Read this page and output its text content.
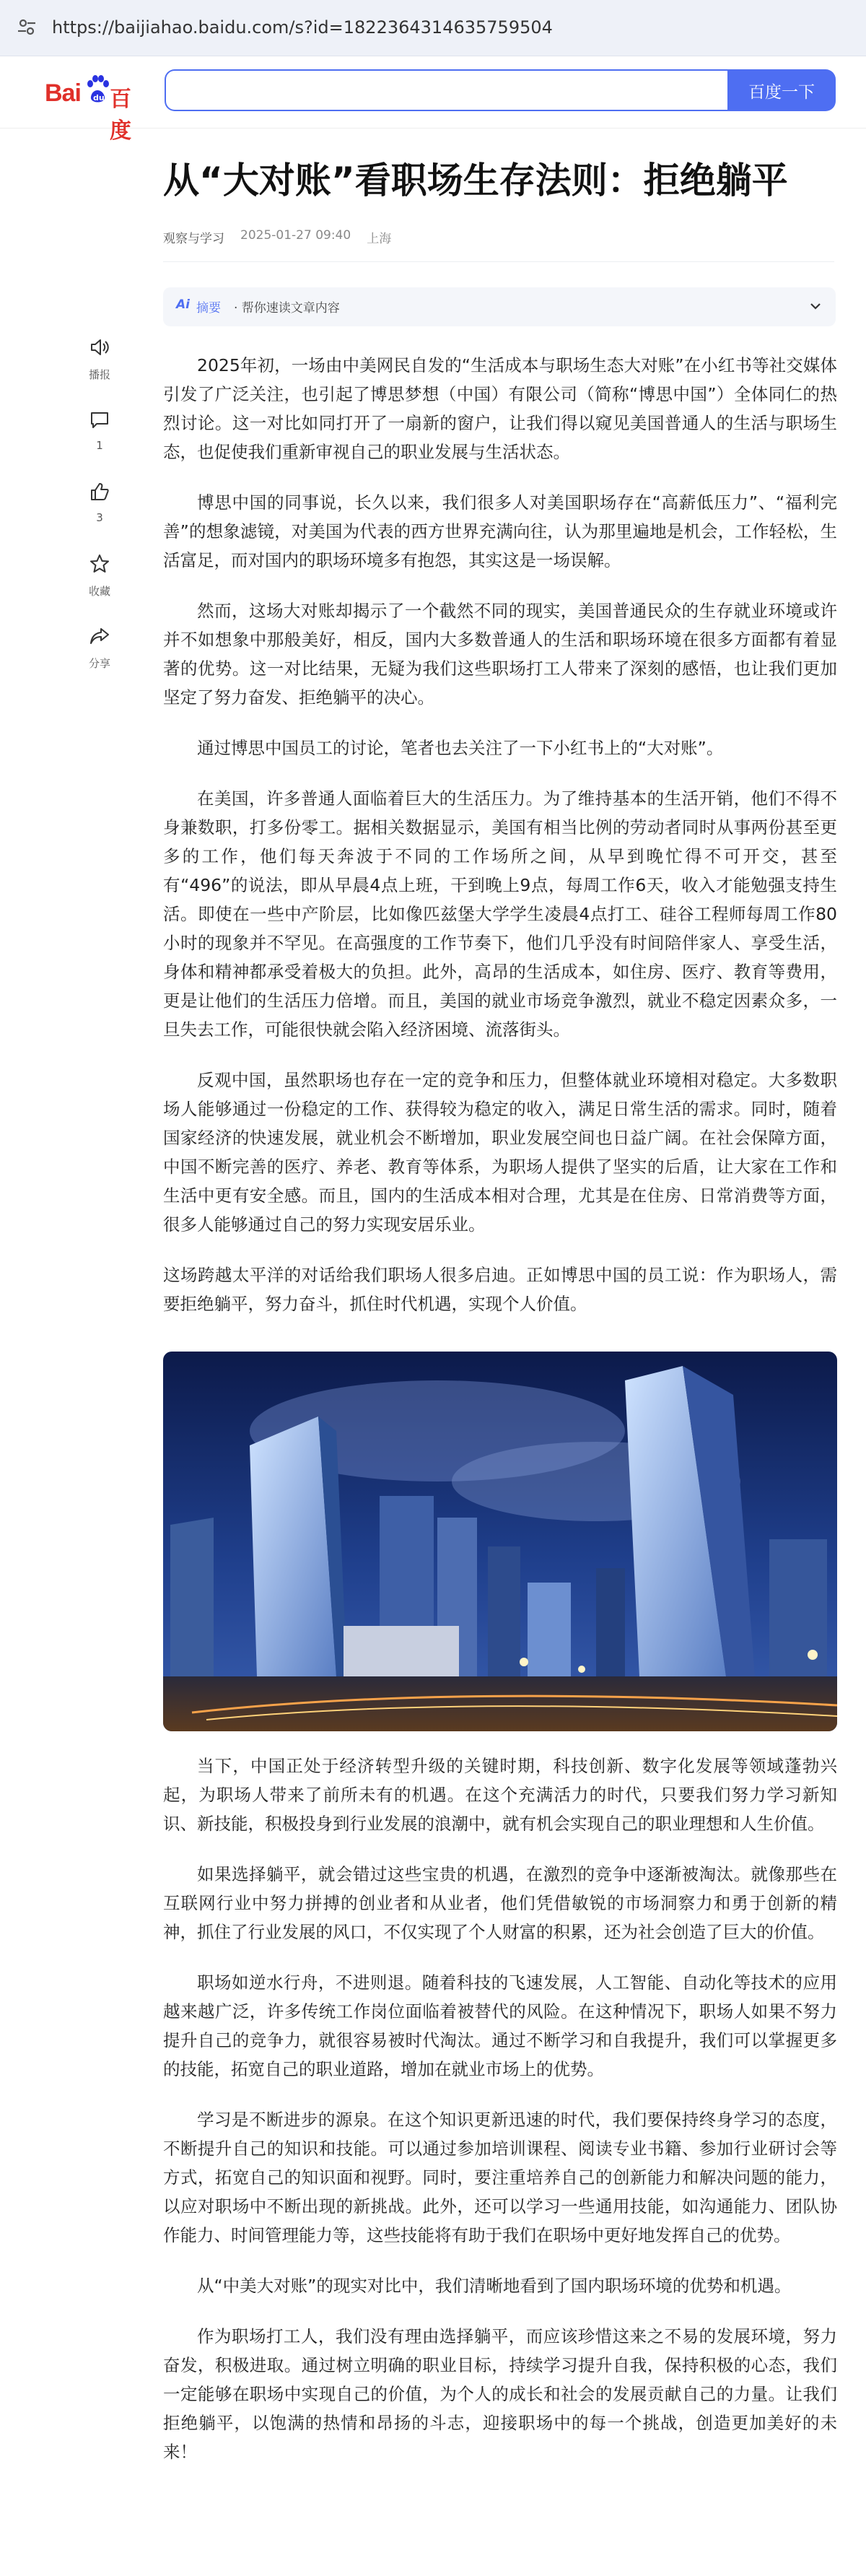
https://baijiahao.baidu.com/s?id=1822364314635759504
Bai du 百度
百度一下
从“大对账”看职场生存法则：拒绝躺平
观察与学习 2025-01-27 09:40 上海
Ai 摘要 · 帮你速读文章内容
播报
1
3
收藏
分享

2025年初，一场由中美网民自发的“生活成本与职场生态大对账”在小红书等社交媒体引发了广泛关注，也引起了博思梦想（中国）有限公司（简称“博思中国”）全体同仁的热烈讨论。这一对比如同打开了一扇新的窗户，让我们得以窥见美国普通人的生活与职场生态，也促使我们重新审视自己的职业发展与生活状态。

博思中国的同事说，长久以来，我们很多人对美国职场存在“高薪低压力”、“福利完善”的想象滤镜，对美国为代表的西方世界充满向往，认为那里遍地是机会，工作轻松，生活富足，而对国内的职场环境多有抱怨，其实这是一场误解。

然而，这场大对账却揭示了一个截然不同的现实，美国普通民众的生存就业环境或许并不如想象中那般美好，相反，国内大多数普通人的生活和职场环境在很多方面都有着显著的优势。这一对比结果，无疑为我们这些职场打工人带来了深刻的感悟，也让我们更加坚定了努力奋发、拒绝躺平的决心。

通过博思中国员工的讨论，笔者也去关注了一下小红书上的“大对账”。

在美国，许多普通人面临着巨大的生活压力。为了维持基本的生活开销，他们不得不身兼数职，打多份零工。据相关数据显示，美国有相当比例的劳动者同时从事两份甚至更多的工作，他们每天奔波于不同的工作场所之间，从早到晚忙得不可开交，甚至有“496”的说法，即从早晨4点上班，干到晚上9点，每周工作6天，收入才能勉强支持生活。即使在一些中产阶层，比如像匹兹堡大学学生凌晨4点打工、硅谷工程师每周工作80小时的现象并不罕见。在高强度的工作节奏下，他们几乎没有时间陪伴家人、享受生活，身体和精神都承受着极大的负担。此外，高昂的生活成本，如住房、医疗、教育等费用，更是让他们的生活压力倍增。而且，美国的就业市场竞争激烈，就业不稳定因素众多，一旦失去工作，可能很快就会陷入经济困境、流落街头。

反观中国，虽然职场也存在一定的竞争和压力，但整体就业环境相对稳定。大多数职场人能够通过一份稳定的工作、获得较为稳定的收入，满足日常生活的需求。同时，随着国家经济的快速发展，就业机会不断增加，职业发展空间也日益广阔。在社会保障方面，中国不断完善的医疗、养老、教育等体系，为职场人提供了坚实的后盾，让大家在工作和生活中更有安全感。而且，国内的生活成本相对合理，尤其是在住房、日常消费等方面，很多人能够通过自己的努力实现安居乐业。

这场跨越太平洋的对话给我们职场人很多启迪。正如博思中国的员工说：作为职场人，需要拒绝躺平，努力奋斗，抓住时代机遇，实现个人价值。

当下，中国正处于经济转型升级的关键时期，科技创新、数字化发展等领域蓬勃兴起，为职场人带来了前所未有的机遇。在这个充满活力的时代，只要我们努力学习新知识、新技能，积极投身到行业发展的浪潮中，就有机会实现自己的职业理想和人生价值。

如果选择躺平，就会错过这些宝贵的机遇，在激烈的竞争中逐渐被淘汰。就像那些在互联网行业中努力拼搏的创业者和从业者，他们凭借敏锐的市场洞察力和勇于创新的精神，抓住了行业发展的风口，不仅实现了个人财富的积累，还为社会创造了巨大的价值。

职场如逆水行舟，不进则退。随着科技的飞速发展，人工智能、自动化等技术的应用越来越广泛，许多传统工作岗位面临着被替代的风险。在这种情况下，职场人如果不努力提升自己的竞争力，就很容易被时代淘汰。通过不断学习和自我提升，我们可以掌握更多的技能，拓宽自己的职业道路，增加在就业市场上的优势。

学习是不断进步的源泉。在这个知识更新迅速的时代，我们要保持终身学习的态度，不断提升自己的知识和技能。可以通过参加培训课程、阅读专业书籍、参加行业研讨会等方式，拓宽自己的知识面和视野。同时，要注重培养自己的创新能力和解决问题的能力，以应对职场中不断出现的新挑战。此外，还可以学习一些通用技能，如沟通能力、团队协作能力、时间管理能力等，这些技能将有助于我们在职场中更好地发挥自己的优势。

从“中美大对账”的现实对比中，我们清晰地看到了国内职场环境的优势和机遇。

作为职场打工人，我们没有理由选择躺平，而应该珍惜这来之不易的发展环境，努力奋发，积极进取。通过树立明确的职业目标，持续学习提升自我，保持积极的心态，我们一定能够在职场中实现自己的价值，为个人的成长和社会的发展贡献自己的力量。让我们拒绝躺平，以饱满的热情和昂扬的斗志，迎接职场中的每一个挑战，创造更加美好的未来！
